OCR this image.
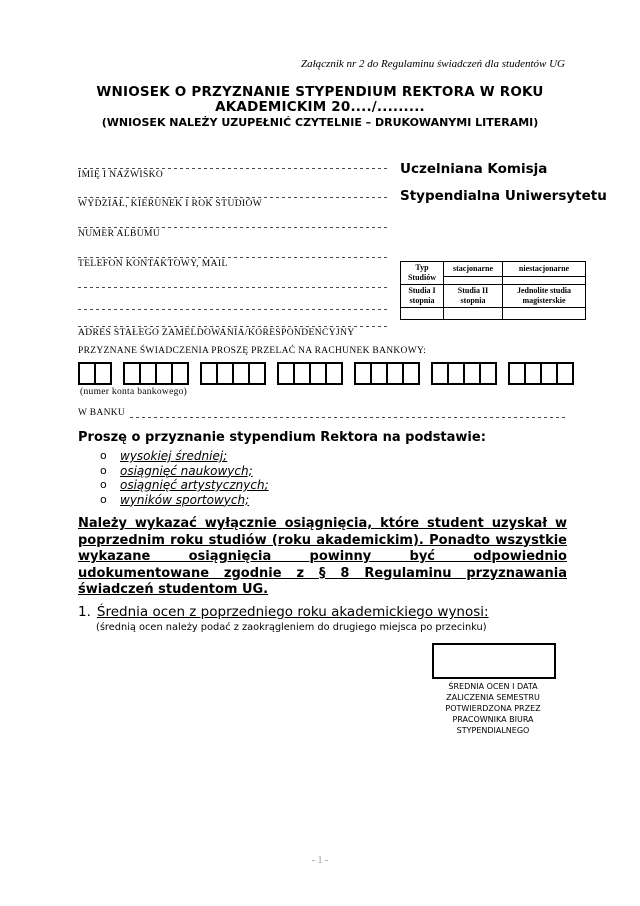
Załącznik nr 2 do Regulaminu świadczeń dla studentów UG
WNIOSEK O PRZYZNANIE STYPENDIUM REKTORA W ROKU
AKADEMICKIM 20..../.........
(WNIOSEK NALEŻY UZUPEŁNIĆ CZYTELNIE – DRUKOWANYMI LITERAMI)
IMIĘ I NAZWISKO
WYDZIAŁ, KIERUNEK I ROK STUDIÓW
NUMER ALBUMU
TELEFON KONTAKTOWY, MAIL
ADRES STAŁEGO ZAMELDOWANIA/KORESPONDENCYJNY
Uczelniana Komisja
Stypendialna Uniwersytetu
Typ Studiów	stacjonarne	niestacjonarne

Studia I stopnia	Studia II stopnia	Jednolite studia magisterskie

PRZYZNANE ŚWIADCZENIA PROSZĘ PRZELAĆ NA RACHUNEK BANKOWY:
(numer konta bankowego)
W BANKU
Proszę o przyznanie stypendium Rektora na podstawie:
o	wysokiej średniej;
o	osiągnięć naukowych;
o	osiągnięć artystycznych;
o	wyników sportowych;
Należy wykazać wyłącznie osiągnięcia, które student uzyskał w poprzednim roku studiów (roku akademickim). Ponadto wszystkie wykazane osiągnięcia powinny być odpowiednio udokumentowane zgodnie z § 8 Regulaminu przyznawania świadczeń studentom UG.
1. Średnia ocen z poprzedniego roku akademickiego wynosi:
(średnią ocen należy podać z zaokrągleniem do drugiego miejsca po przecinku)
ŚREDNIA OCEN I DATA
ZALICZENIA SEMESTRU
POTWIERDZONA PRZEZ
PRACOWNIKA BIURA
STYPENDIALNEGO
- 1 -
